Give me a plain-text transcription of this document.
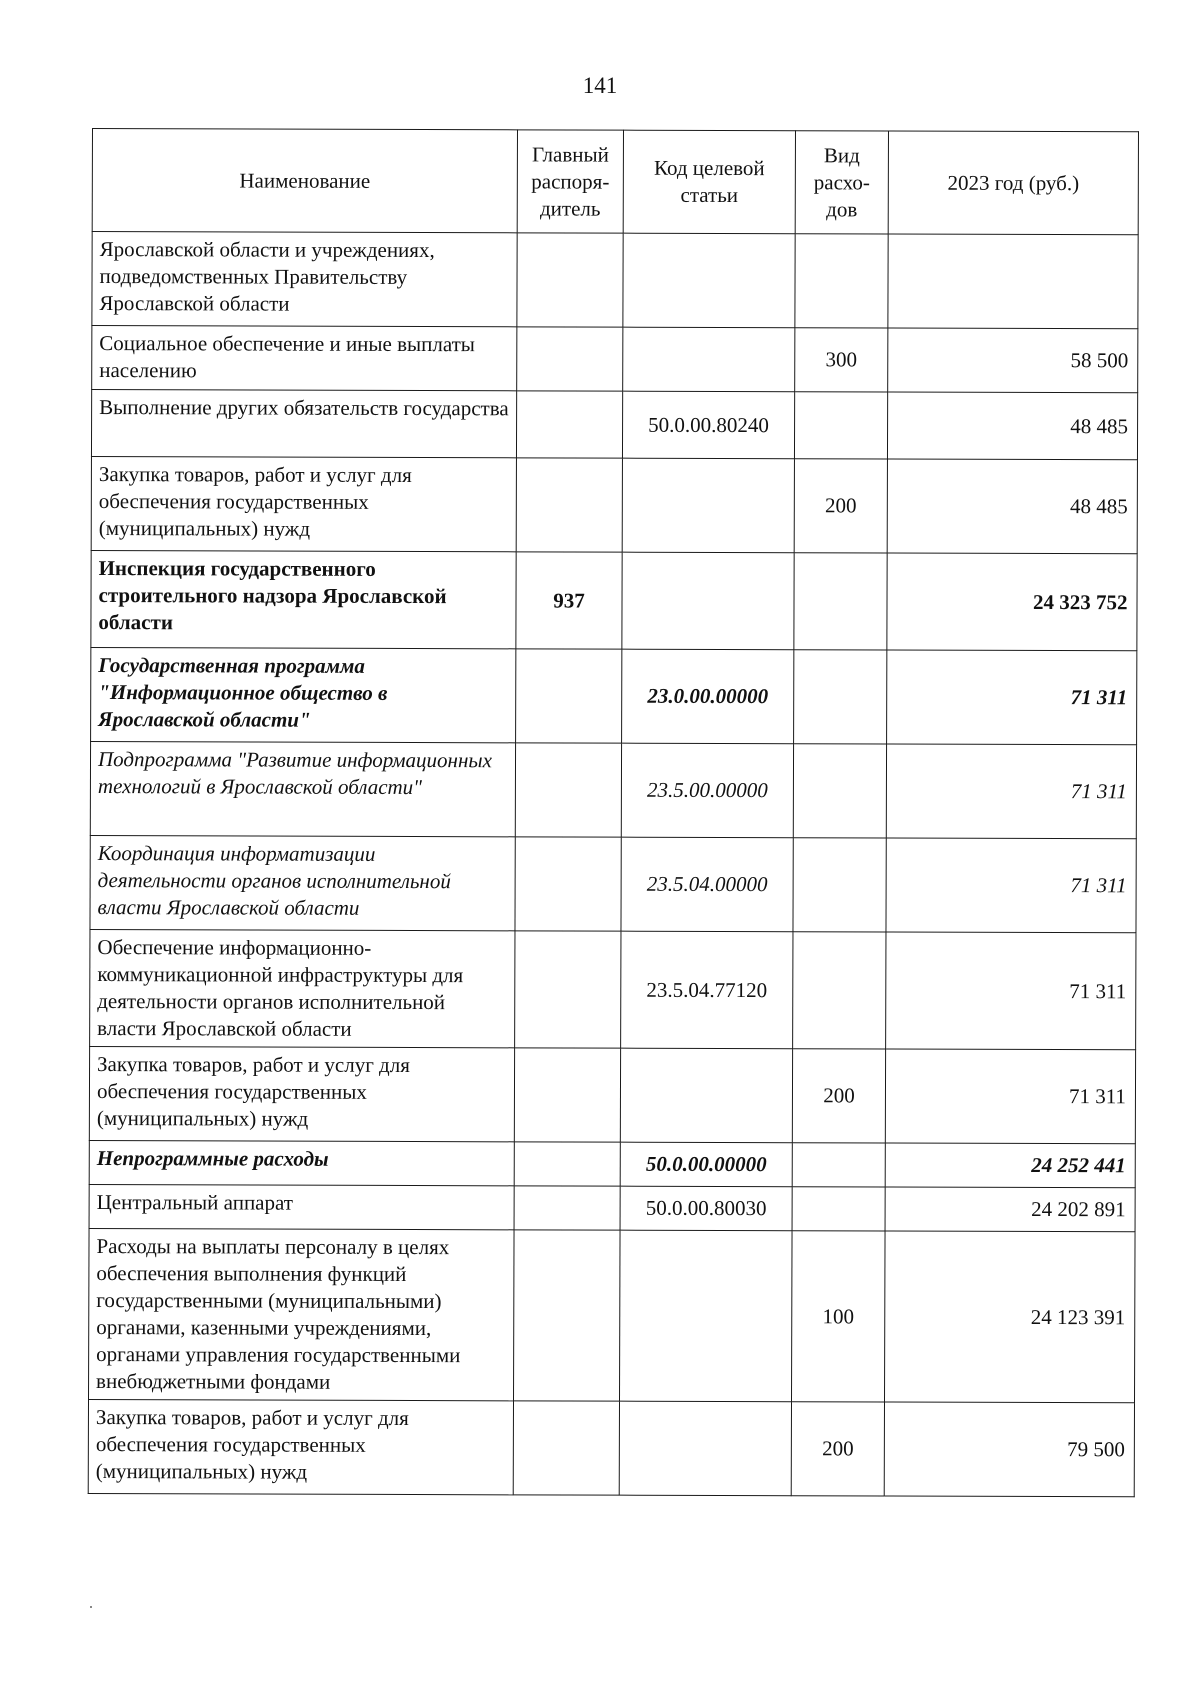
141
Наименование	Главный распоря-дитель	Код целевой статьи	Вид расхо-дов	2023 год (руб.)
Ярославской области и учреждениях, подведомственных Правительству Ярославской области				
Социальное обеспечение и иные выплаты населению			300	58 500
Выполнение других обязательств государства		50.0.00.80240		48 485
Закупка товаров, работ и услуг для обеспечения государственных (муниципальных) нужд			200	48 485
Инспекция государственного строительного надзора Ярославской области	937			24 323 752
Государственная программа "Информационное общество в Ярославской области"		23.0.00.00000		71 311
Подпрограмма "Развитие информационных технологий в Ярославской области"		23.5.00.00000		71 311
Координация информатизации деятельности органов исполнительной власти Ярославской области		23.5.04.00000		71 311
Обеспечение информационно-коммуникационной инфраструктуры для деятельности органов исполнительной власти Ярославской области		23.5.04.77120		71 311
Закупка товаров, работ и услуг для обеспечения государственных (муниципальных) нужд			200	71 311
Непрограммные расходы		50.0.00.00000		24 252 441
Центральный аппарат		50.0.00.80030		24 202 891
Расходы на выплаты персоналу в целях обеспечения выполнения функций государственными (муниципальными) органами, казенными учреждениями, органами управления государственными внебюджетными фондами			100	24 123 391
Закупка товаров, работ и услуг для обеспечения государственных (муниципальных) нужд			200	79 500
